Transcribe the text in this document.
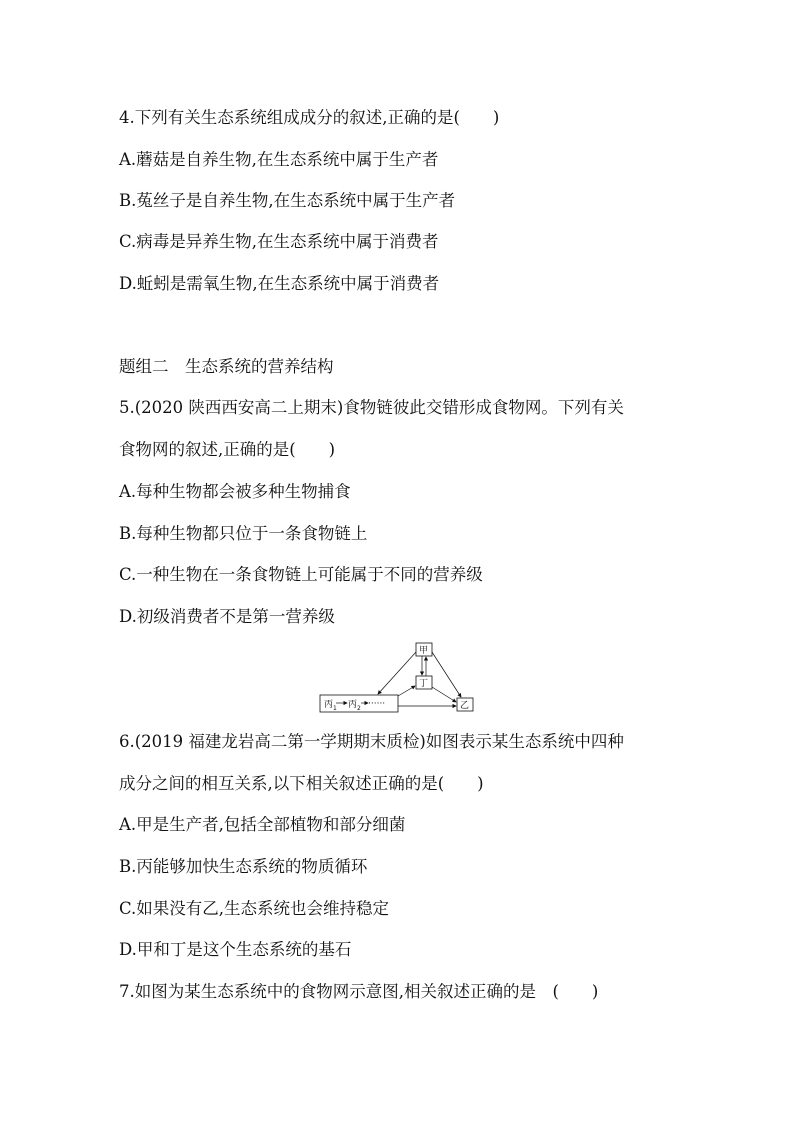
4.下列有关生态系统组成成分的叙述,正确的是(　　)
A.蘑菇是自养生物,在生态系统中属于生产者
B.菟丝子是自养生物,在生态系统中属于生产者
C.病毒是异养生物,在生态系统中属于消费者
D.蚯蚓是需氧生物,在生态系统中属于消费者
题组二　生态系统的营养结构
5.(2020 陕西西安高二上期末)食物链彼此交错形成食物网。下列有关
食物网的叙述,正确的是(　　)
A.每种生物都会被多种生物捕食
B.每种生物都只位于一条食物链上
C.一种生物在一条食物链上可能属于不同的营养级
D.初级消费者不是第一营养级
甲
丁
乙
丙 1 丙 2 ······
6.(2019 福建龙岩高二第一学期期末质检)如图表示某生态系统中四种
成分之间的相互关系,以下相关叙述正确的是(　　)
A.甲是生产者,包括全部植物和部分细菌
B.丙能够加快生态系统的物质循环
C.如果没有乙,生态系统也会维持稳定
D.甲和丁是这个生态系统的基石
7.如图为某生态系统中的食物网示意图,相关叙述正确的是　(　　)
